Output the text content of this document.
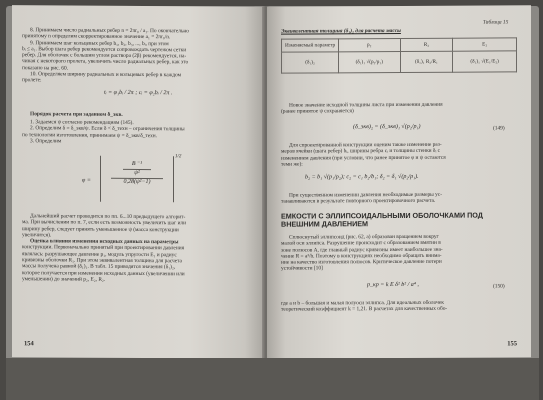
8. Принимаем число радиальных ребер n = 2πr₀ / a₁. По окончательно
принятому n определим скорректированное значение a₁ = 2πr₀/n.
9. Принимаем шаг кольцевых ребер b₁, b₂, b₃, ..., bᵢ, при этом
bᵢ ≤ a₁. Выбор шага ребер рекомендуется сопровождать чертежом сетки
ребер. Для оболочек с большим углом раствора (2β) рекомендуется, на-
чиная с некоторого пролета, увеличить число радиальных ребер, как это
показано на рис. 60.
10. Определяем ширину радиальных и кольцевых ребер в каждом
пролете:
tᵢ = φ₁bᵢ / 2π ; cᵢ = φ₂bᵢ / 2π .
Порядок расчета при заданном δ_экв.
1. Задаемся ψ согласно рекомендациям (145).
2. Определим δ = δ_экв/ψ. Если δ < δ_техн – ограничения толщины
по технологии изготовления, принимаем ψ = δ_экв/δ_техн.
3. Определим
φ =
B ⁻¹
ψ²
0,28(ψ²−1)
1/2
Дальнейший расчет проводится по пп. 6...10 предыдущего алгорит-
ма. При вычислении по п. 7, если есть возможность увеличить шаг или
ширину ребер, следует принять уменьшенное ψ (масса конструкции
увеличится).
Оценка влияния изменения исходных данных на параметры
конструкции. Первоначально принятый при проектировании давления
являлась: разрушающее давление p₁, модуль упругости E₁ и радиус
кривизны оболочки R₁. При этом эквивалентная толщина для расчета
массы получена равной (δ₁)₁. В табл. 15 приводятся значения (δ₁)₂,
которое получается при изменении исходных данных (увеличении или
уменьшении) до значений p₂, E₂, R₂.
154
Таблица 15
Эквивалентная толщина (δ₁)₂ для расчета массы
Изменяемый параметр	p₂	R₂	E₂
(δ₁)₂	(δ₁)₁ √(p₂/p₁)	(δ₁)₁ R₂/R₁	(δ₁)₁ √(E₁/E₂)
Новое значение исходной толщины листа при изменении давления
(ранее принятое ψ сохраняется)
(δ_экв)₂ = (δ_экв)₁ √(p₂/p₁)	(149)
Для спроектированной конструкции оценим также изменение раз-
меров ячейки (шага ребер) bᵢ, ширины ребра cᵢ и толщины стенки δᵢ с
изменением давления (при условии, что ранее принятое φ и ψ остаются
теми же):
b₂ = b₁ √(p₁/p₂); c₂ = c₁ b₂/b₁; δ₂ = δ₁ √(p₂/p₁).
При существенном изменении давления необходимые размеры уc-
танавливаются в результате повторного проектировочного расчета.
ЕМКОСТИ С ЭЛЛИПСОИДАЛЬНЫМИ ОБОЛОЧКАМИ ПОД ВНЕШНИМ ДАВЛЕНИЕМ
Сплюснутый эллипсоид (рис. 62, а) образован вращением вокруг
малой оси эллипса. Разрушение происходит с образованием вмятин в
зоне полюсов А, где главный радиус кривизны имеет наибольшее зна-
чение R = a²/b. Поэтому в конструкциях необходимо обращать внима-
ние на качество изготовления полюсов. Критическое давление потери
устойчивости [10]
p_кр = k E δ² b² / a⁴ ,	(150)
где a и b – большая и малая полуоси эллипса. Для идеальных оболочек
теоретический коэффициент k = 1,21. В расчетах для качественных обо-
155
